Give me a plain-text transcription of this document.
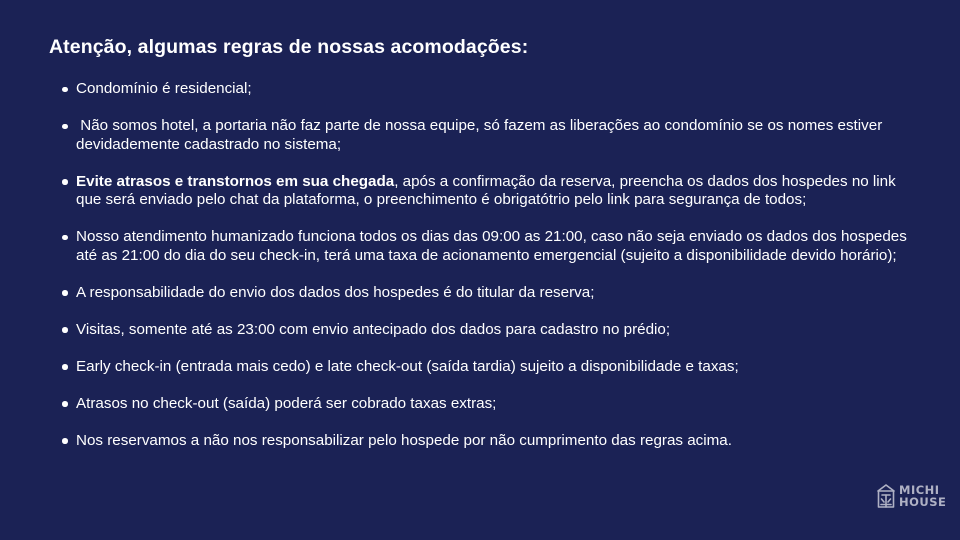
Atenção, algumas regras de nossas acomodações:
Condomínio é residencial;
Não somos hotel, a portaria não faz parte de nossa equipe, só fazem as liberações ao condomínio se os nomes estiver devidademente cadastrado no sistema;
Evite atrasos e transtornos em sua chegada, após a confirmação da reserva, preencha os dados dos hospedes no link que será enviado pelo chat da plataforma, o preenchimento é obrigatótrio pelo link para segurança de todos;
Nosso atendimento humanizado funciona todos os dias das 09:00 as 21:00, caso não seja enviado os dados dos hospedes até as 21:00 do dia do seu check-in, terá uma taxa de acionamento emergencial (sujeito a disponibilidade devido horário);
A responsabilidade do envio dos dados dos hospedes é do titular da reserva;
Visitas, somente até as 23:00 com envio antecipado dos dados para cadastro no prédio;
Early check-in (entrada mais cedo) e late check-out (saída tardia) sujeito a disponibilidade e taxas;
Atrasos no check-out (saída) poderá ser cobrado taxas extras;
Nos reservamos a não nos responsabilizar pelo hospede por não cumprimento das regras acima.
MICHI
HOUSE
